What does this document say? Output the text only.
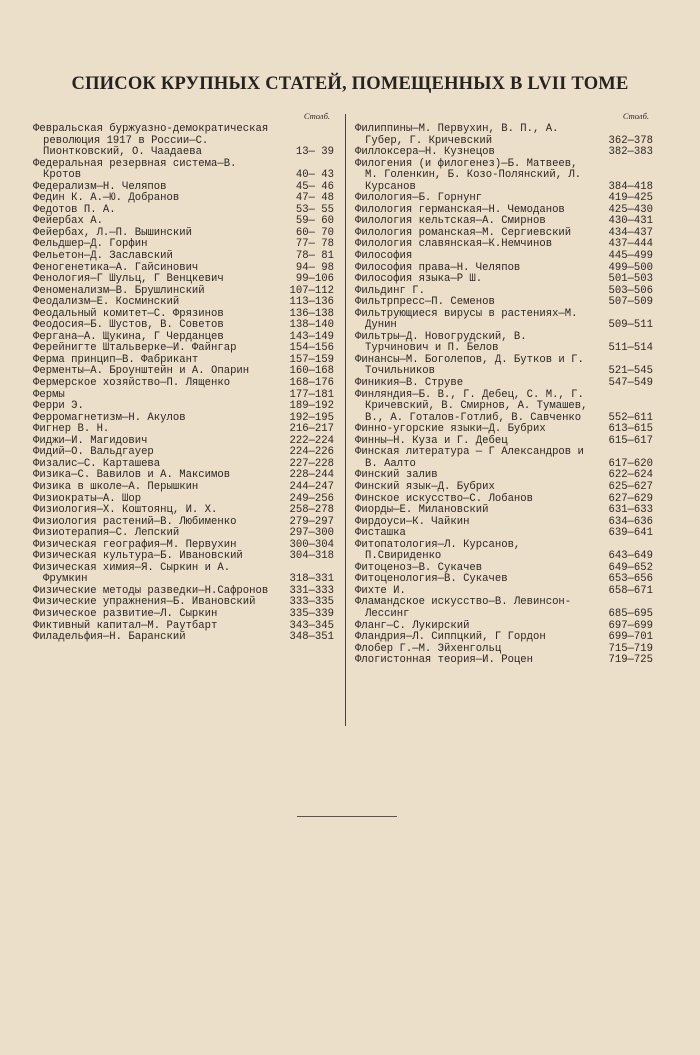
СПИСОК КРУПНЫХ СТАТЕЙ, ПОМЕЩЕННЫХ В LVII ТОМЕ
Столб.
Февральская буржуазно-демократическая революция 1917 в России—С. Пионтковский, О. Чаадаева	13— 39
Федеральная резервная система—В. Кротов	40— 43
Федерализм—Н. Челяпов	45— 46
Федин К. А.—Ю. Добранов	47— 48
Федотов П. А.	53— 55
Фейербах А.	59— 60
Фейербах, Л.—П. Вышинский	60— 70
Фельдшер—Д. Горфин	77— 78
Фельетон—Д. Заславский	78— 81
Феногенетика—А. Гайсинович	94— 98
Фенология—Г Шульц, Г Венцкевич	99—106
Феноменализм—В. Брушлинский	107—112
Феодализм—Е. Косминский	113—136
Феодальный комитет—С. Фрязинов	136—138
Феодосия—Б. Шустов, В. Советов	138—140
Фергана—А. Щукина, Г Черданцев	143—149
Ферейнигте Штальверке—И. Файнгар	154—156
Ферма принцип—В. Фабрикант	157—159
Ферменты—А. Броунштейн и А. Опарин	160—168
Фермерское хозяйство—П. Лященко	168—176
Фермы	177—181
Ферри Э.	189—192
Ферромагнетизм—Н. Акулов	192—195
Фигнер В. Н.	216—217
Фиджи—И. Магидович	222—224
Фидий—О. Вальдгауер	224—226
Физалис—С. Карташева	227—228
Физика—С. Вавилов и А. Максимов	228—244
Физика в школе—А. Перышкин	244—247
Физиократы—А. Шор	249—256
Физиология—Х. Коштоянц, И. Х.	258—278
Физиология растений—В. Любименко	279—297
Физиотерапия—С. Лепский	297—300
Физическая география—М. Первухин	300—304
Физическая культура—Б. Ивановский	304—318
Физическая химия—Я. Сыркин и А. Фрумкин	318—331
Физические методы разведки—Н.Сафронов	331—333
Физические упражнения—Б. Ивановский	333—335
Физическое развитие—Л. Сыркин	335—339
Фиктивный капитал—М. Раутбарт	343—345
Филадельфия—Н. Баранский	348—351
Столб.
Филиппины—М. Первухин, В. П., А. Губер, Г. Кричевский	362—378
Филлоксера—Н. Кузнецов	382—383
Филогения (и филогенез)—Б. Матвеев, М. Голенкин, Б. Козо-Полянский, Л. Курсанов	384—418
Филология—Б. Горнунг	419—425
Филология германская—Н. Чемоданов	425—430
Филология кельтская—А. Смирнов	430—431
Филология романская—М. Сергиевский	434—437
Филология славянская—К.Немчинов	437—444
Философия	445—499
Философия права—Н. Челяпов	499—500
Философия языка—Р Ш.	501—503
Фильдинг Г.	503—506
Фильтрпресс—П. Семенов	507—509
Фильтрующиеся вирусы в растениях—М. Дунин	509—511
Фильтры—Д. Новогрудский, В. Турчинович и П. Белов	511—514
Финансы—М. Боголепов, Д. Бутков и Г. Точильников	521—545
Финикия—В. Струве	547—549
Финляндия—Б. В., Г. Дебец, С. М., Г. Кричевский, В. Смирнов, А. Тумашев, В., А. Готалов-Готлиб, В. Савченко	552—611
Финно-угорские языки—Д. Бубрих	613—615
Финны—Н. Куза и Г. Дебец	615—617
Финская литература — Г Александров и В. Аалто	617—620
Финский залив	622—624
Финский язык—Д. Бубрих	625—627
Финское искусство—С. Лобанов	627—629
Фиорды—Е. Милановский	631—633
Фирдоуси—К. Чайкин	634—636
Фисташка	639—641
Фитопатология—Л. Курсанов, П.Свириденко	643—649
Фитоценоз—В. Сукачев	649—652
Фитоценология—В. Сукачев	653—656
Фихте И.	658—671
Фламандское искусство—В. Левинсон-Лессинг	685—695
Фланг—С. Лукирский	697—699
Фландрия—Л. Сиппцкий, Г Гордон	699—701
Флобер Г.—М. Эйхенгольц	715—719
Флогистонная теория—И. Роцен	719—725
